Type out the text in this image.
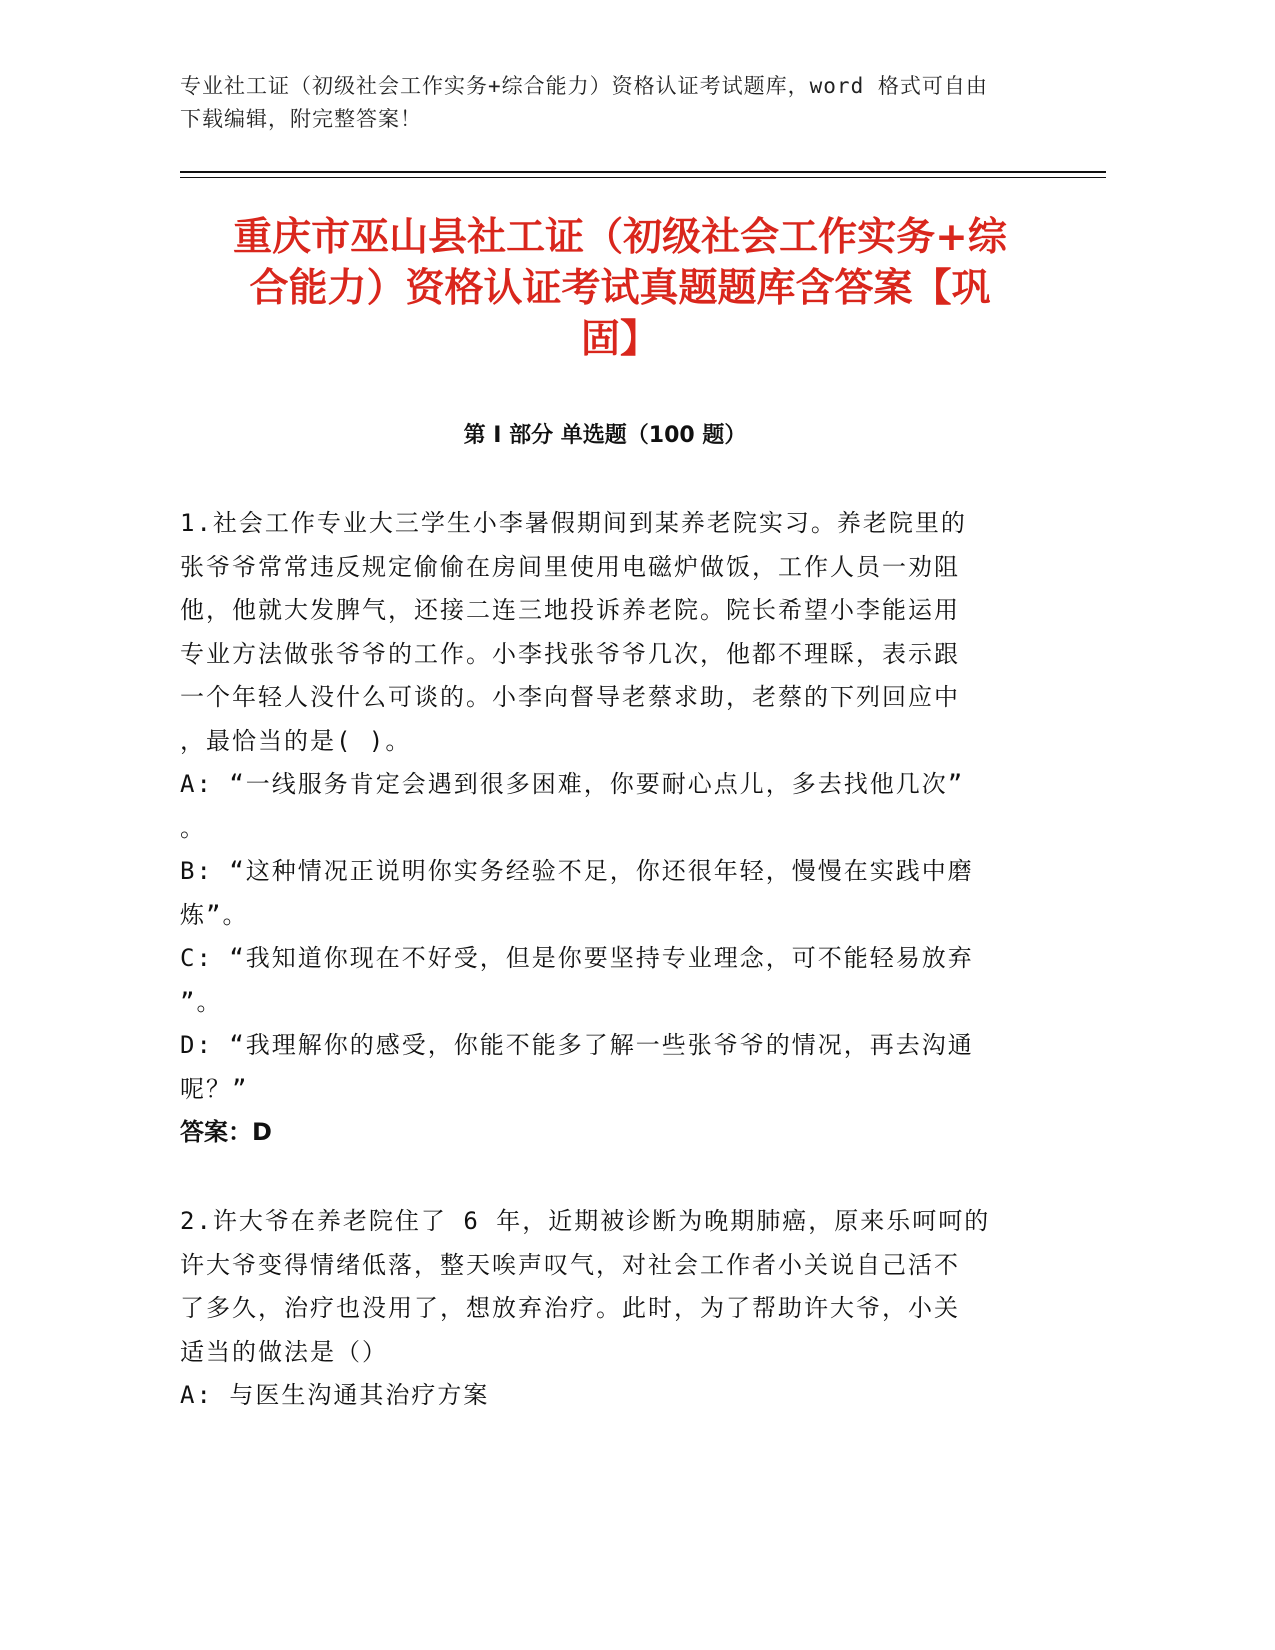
专业社工证（初级社会工作实务+综合能力）资格认证考试题库，word 格式可自由
下载编辑，附完整答案！
重庆市巫山县社工证（初级社会工作实务+综
合能力）资格认证考试真题题库含答案【巩
固】
第 I 部分 单选题（100 题）
1.社会工作专业大三学生小李暑假期间到某养老院实习。养老院里的
张爷爷常常违反规定偷偷在房间里使用电磁炉做饭，工作人员一劝阻
他，他就大发脾气，还接二连三地投诉养老院。院长希望小李能运用
专业方法做张爷爷的工作。小李找张爷爷几次，他都不理睬，表示跟
一个年轻人没什么可谈的。小李向督导老蔡求助，老蔡的下列回应中
，最恰当的是( )。
A: “一线服务肯定会遇到很多困难，你要耐心点儿，多去找他几次”
。
B: “这种情况正说明你实务经验不足，你还很年轻，慢慢在实践中磨
炼”。
C: “我知道你现在不好受，但是你要坚持专业理念，可不能轻易放弃
”。
D: “我理解你的感受，你能不能多了解一些张爷爷的情况，再去沟通
呢？”
答案：D
2.许大爷在养老院住了 6 年，近期被诊断为晚期肺癌，原来乐呵呵的
许大爷变得情绪低落，整天唉声叹气，对社会工作者小关说自己活不
了多久，治疗也没用了，想放弃治疗。此时，为了帮助许大爷，小关
适当的做法是（）
A: 与医生沟通其治疗方案
